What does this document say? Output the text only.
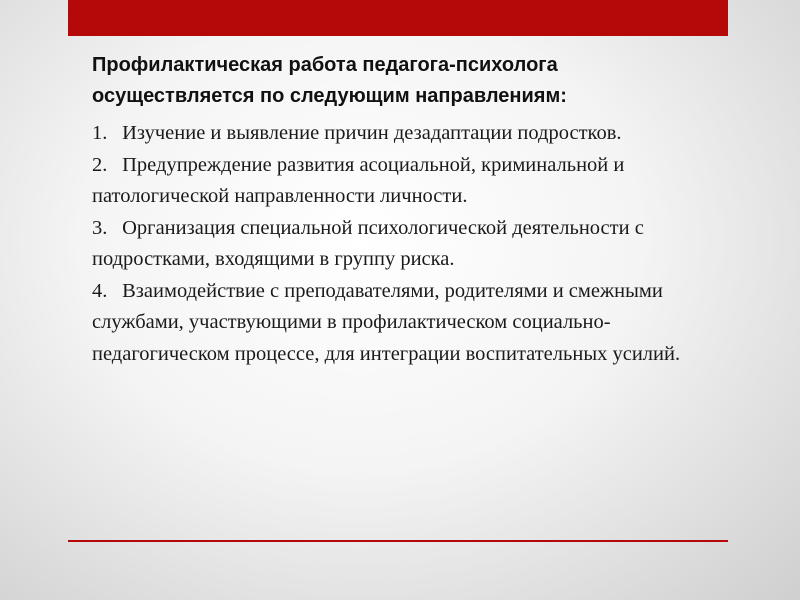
Профилактическая работа педагога-психолога осуществляется по следующим направлениям:

1. Изучение и выявление причин дезадаптации подростков.
2. Предупреждение развития асоциальной, криминальной и патологической направленности личности.
3. Организация специальной психологической деятельности с подростками, входящими в группу риска.
4. Взаимодействие с преподавателями, родителями и смежными службами, участвующими в профилактическом социально-педагогическом процессе, для интеграции воспитательных усилий.
